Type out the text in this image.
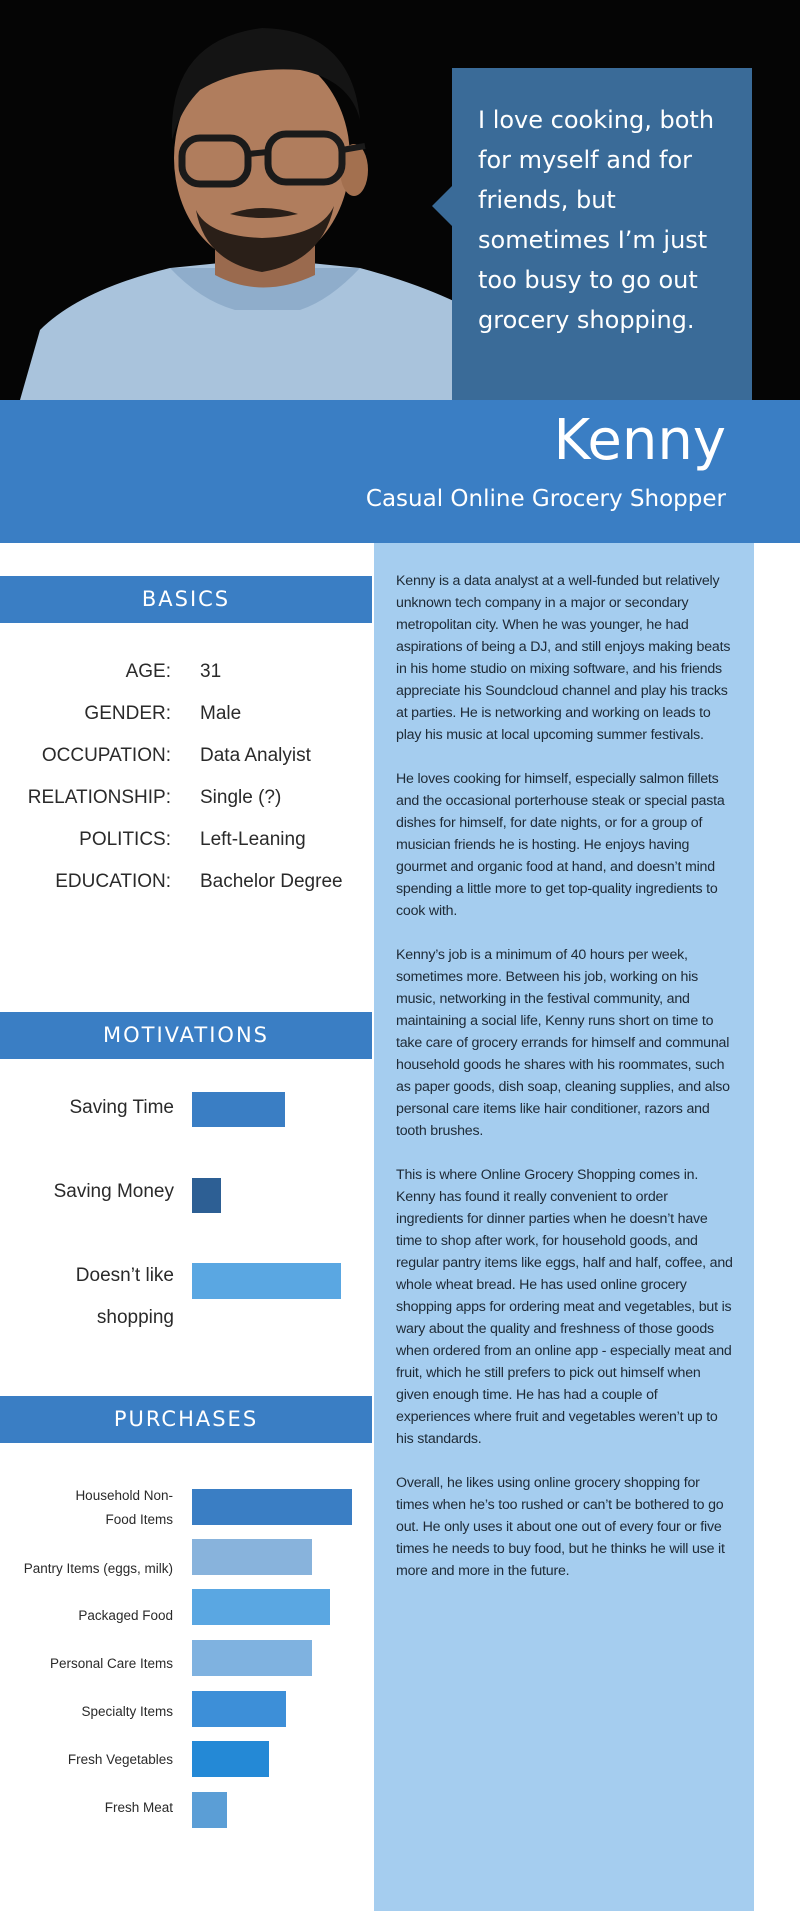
I love cooking, both for myself and for friends, but sometimes I’m just too busy to go out grocery shopping.
Kenny
Casual Online Grocery Shopper
BASICS
AGE: 31
GENDER: Male
OCCUPATION: Data Analyist
RELATIONSHIP: Single (?)
POLITICS: Left-Leaning
EDUCATION: Bachelor Degree
MOTIVATIONS
Saving Time
Saving Money
Doesn’t like
shopping
PURCHASES
Household Non-
Food Items
Pantry Items (eggs, milk)
Packaged Food
Personal Care Items
Specialty Items
Fresh Vegetables
Fresh Meat

Kenny is a data analyst at a well-funded but relatively unknown tech company in a major or secondary metropolitan city. When he was younger, he had aspirations of being a DJ, and still enjoys making beats in his home studio on mixing software, and his friends appreciate his Soundcloud channel and play his tracks at parties. He is networking and working on leads to play his music at local upcoming summer festivals.

He loves cooking for himself, especially salmon fillets and the occasional porterhouse steak or special pasta dishes for himself, for date nights, or for a group of musician friends he is hosting. He enjoys having gourmet and organic food at hand, and doesn’t mind spending a little more to get top-quality ingredients to cook with.

Kenny’s job is a minimum of 40 hours per week, sometimes more. Between his job, working on his music, networking in the festival community, and maintaining a social life, Kenny runs short on time to take care of grocery errands for himself and communal household goods he shares with his roommates, such as paper goods, dish soap, cleaning supplies, and also personal care items like hair conditioner, razors and tooth brushes.

This is where Online Grocery Shopping comes in. Kenny has found it really convenient to order ingredients for dinner parties when he doesn’t have time to shop after work, for household goods, and regular pantry items like eggs, half and half, coffee, and whole wheat bread. He has used online grocery shopping apps for ordering meat and vegetables, but is wary about the quality and freshness of those goods when ordered from an online app - especially meat and fruit, which he still prefers to pick out himself when given enough time. He has had a couple of experiences where fruit and vegetables weren’t up to his standards.

Overall, he likes using online grocery shopping for times when he’s too rushed or can’t be bothered to go out. He only uses it about one out of every four or five times he needs to buy food, but he thinks he will use it more and more in the future.
